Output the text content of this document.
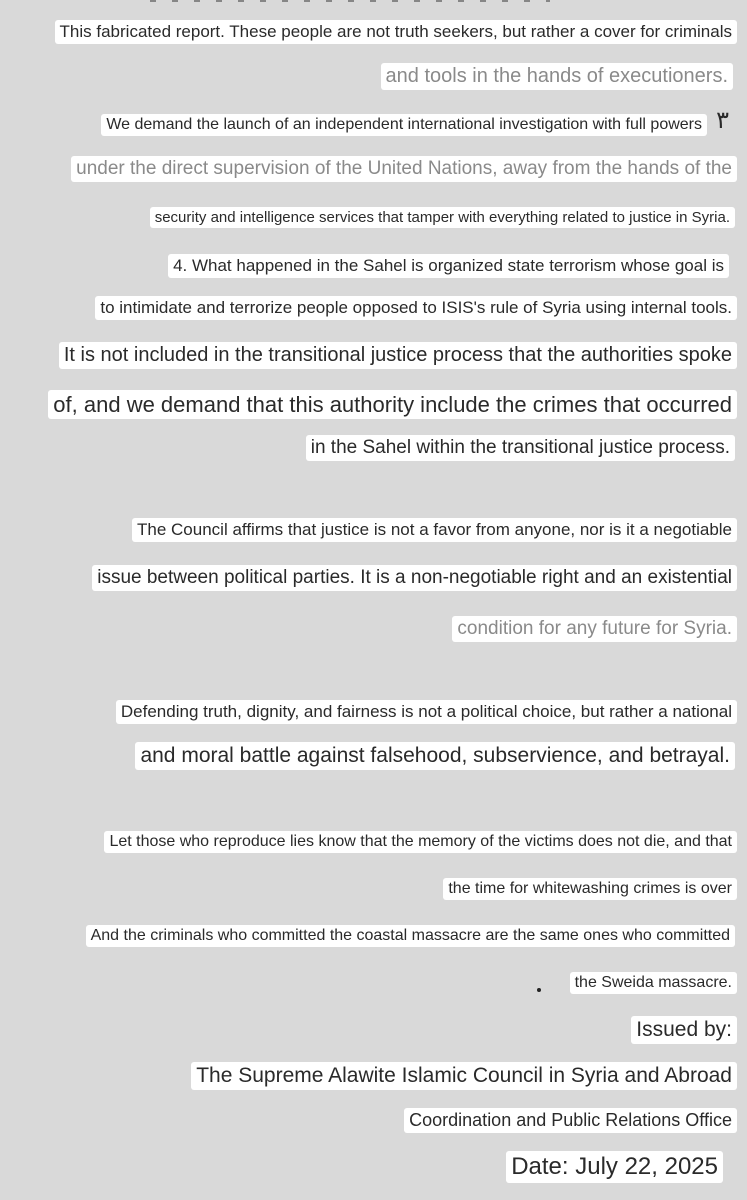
This fabricated report. These people are not truth seekers, but rather a cover for criminals
and tools in the hands of executioners.
We demand the launch of an independent international investigation with full powers ٣
under the direct supervision of the United Nations, away from the hands of the
security and intelligence services that tamper with everything related to justice in Syria.
4. What happened in the Sahel is organized state terrorism whose goal is
to intimidate and terrorize people opposed to ISIS's rule of Syria using internal tools.
It is not included in the transitional justice process that the authorities spoke
of, and we demand that this authority include the crimes that occurred
in the Sahel within the transitional justice process.
The Council affirms that justice is not a favor from anyone, nor is it a negotiable
issue between political parties. It is a non-negotiable right and an existential
condition for any future for Syria.
Defending truth, dignity, and fairness is not a political choice, but rather a national
and moral battle against falsehood, subservience, and betrayal.
Let those who reproduce lies know that the memory of the victims does not die, and that
the time for whitewashing crimes is over
And the criminals who committed the coastal massacre are the same ones who committed
the Sweida massacre.
Issued by:
The Supreme Alawite Islamic Council in Syria and Abroad
Coordination and Public Relations Office
Date: July 22, 2025
